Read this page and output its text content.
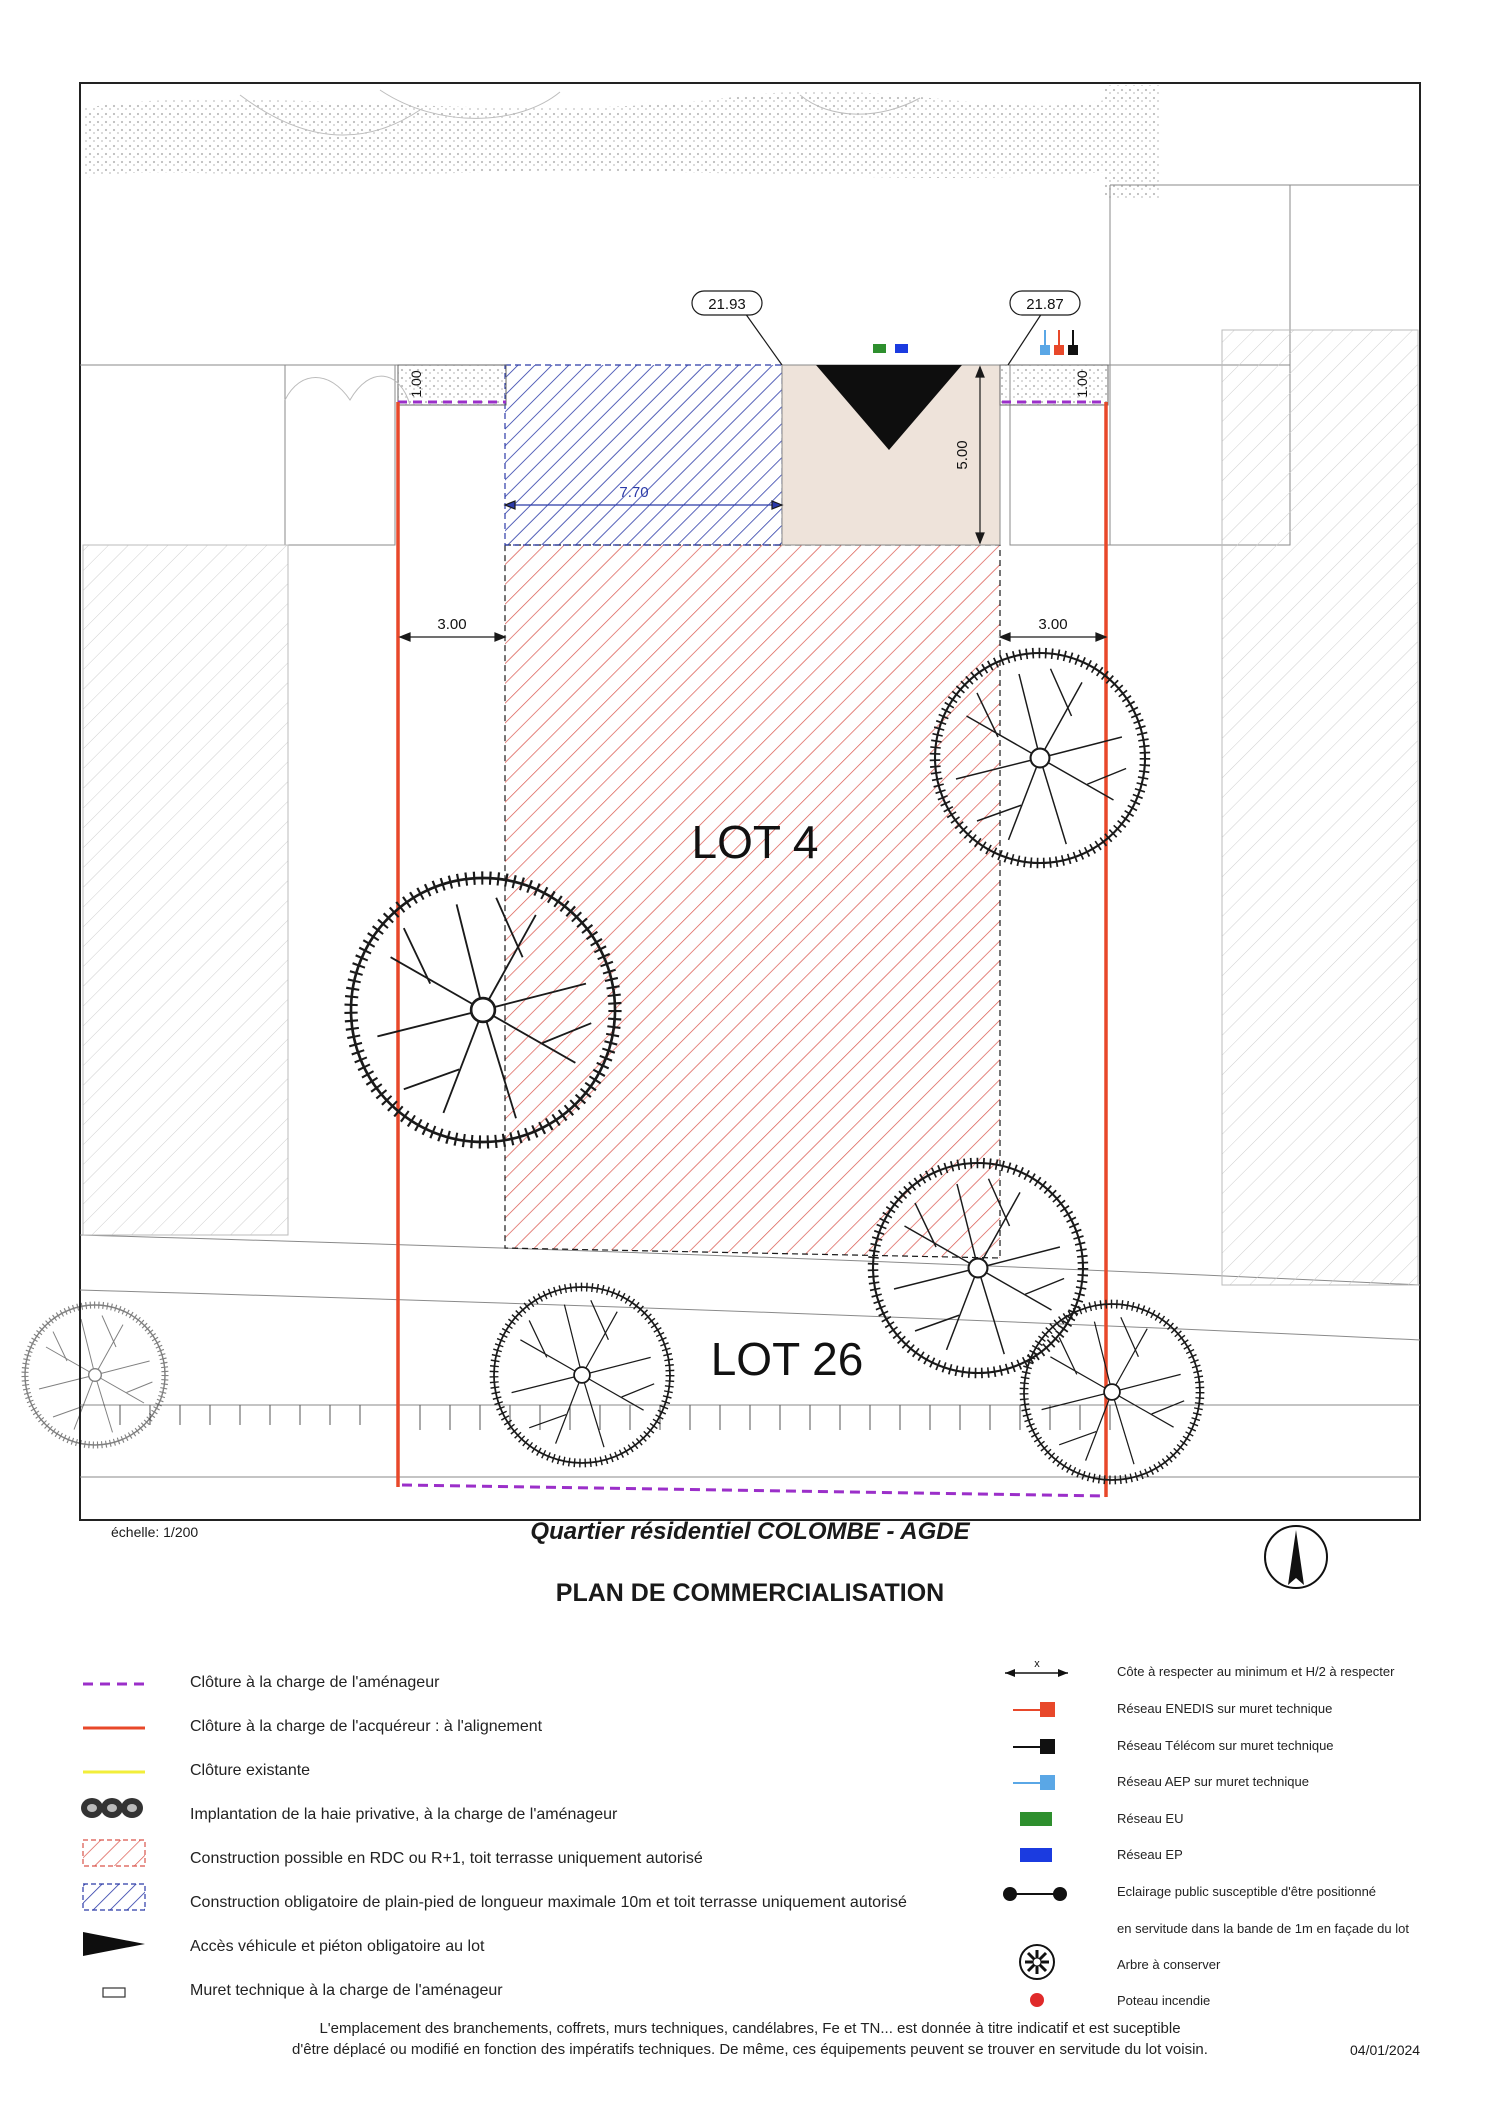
21.93	21.87
1.00	1.00
3.00	3.00
7.70
5.00
LOT 4
LOT 26
x
échelle: 1/200	Quartier résidentiel COLOMBE - AGDE
PLAN DE COMMERCIALISATION
Clôture à la charge de l'aménageur
Clôture à la charge de l'acquéreur : à l'alignement
Clôture existante
Implantation de la haie privative, à la charge de l'aménageur
Construction possible en RDC ou R+1, toit terrasse uniquement autorisé
Construction obligatoire de plain-pied de longueur maximale 10m et toit terrasse uniquement autorisé
Accès véhicule et piéton obligatoire au lot
Muret technique à la charge de l'aménageur
Côte à respecter au minimum et H/2 à respecter
Réseau ENEDIS sur muret technique
Réseau Télécom sur muret technique
Réseau AEP sur muret technique
Réseau EU
Réseau EP
Eclairage public susceptible d'être positionné
en servitude dans la bande de 1m en façade du lot
Arbre à conserver
Poteau incendie
L'emplacement des branchements, coffrets, murs techniques, candélabres, Fe et TN... est donnée à titre indicatif et est suceptible
d'être déplacé ou modifié en fonction des impératifs techniques. De même, ces équipements peuvent se trouver en servitude du lot voisin.	04/01/2024
